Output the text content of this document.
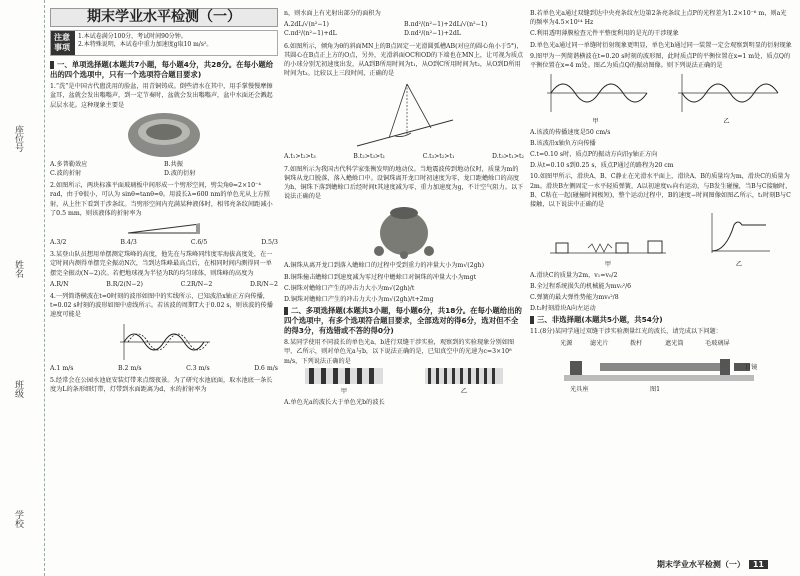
座位号
姓名
班级
学校
期末学业水平检测（一）
注意事项
1.本试卷满分100分，考试时间90分钟。
2.本特殊说明，本试卷中重力加速度g取10 m/s²。
一、单项选择题(本题共7小题，每小题4分，共28分。在每小题给出的四个选项中，只有一个选项符合题目要求)
1.“洗”是中国古代盥洗用的脸盆，用青铜铸成。倒些清水在其中，用手掌慢慢摩擦盆耳，盆就会发出嗡嗡声，到一定节奏时，盆就会发出嗡嗡声，盆中水面还会溅起层层水花。这种现象主要是
A.多普勒效应	B.共振
C.波的折射	D.波的衍射
2.如图所示，两块标准平面玻璃板中间形成一个劈形空间，劈尖角θ=2×10⁻⁴ rad，由于θ很小，可认为 sinθ≈tanθ≈θ。用波长λ=600 nm的单色光从上方照射，从上往下看到干涉条纹。当劈形空间内充满某种液体时，相邻亮条纹间距减小了0.5 mm，则该液体的折射率为
A.3/2	B.4/3	C.6/5	D.5/3
3.某登山队员想用单摆测定珠峰的高度，他先在与珠峰同纬度零海拔高度处，在一定时间内测得单摆完全振动N次，当到达珠峰最高点后，在相同时间内测得同一单摆完全振动(N−2)次。若把地球视为半径为R的均匀球体，则珠峰的高度为
A.R/N	B.R/2(N−2)	C.2R/N−2	D.R/N−2
4.一列简谐横波在t=0时刻的波形如图中的实线所示，已知波沿x轴正方向传播，t=0.02 s时刻的波形如图中虚线所示。若该波的周期T大于0.02 s，则该波的传播速度可能是
A.1 m/s	B.2 m/s	C.3 m/s	D.6 m/s
5.经常会在公园水池底安装灯带来点缀夜景。为了研究水池底面，取水池底一条长度为L的条形细灯带，灯带到水面距离为d，水的折射率为
n，则水面上有光射出部分的面积为
A.2dL/√(n²−1)	B.πd²/(n²−1)+2dL/√(n²−1)
C.πd²/(n²−1)+dL	D.πd²/(n²−1)+2dL
6.如图所示，倾角为θ的斜面MN上的B点固定一光滑圆弧槽AB(对应的圆心角小于5°)，其圆心在B点正上方的O点，另外，光滑斜面OC和OD的下端也在MN上，让可视为质点的小球分别无初速度出发，从A到B所用时间为t₁，从O到C所用时间为t₂，从O到D所用时间为t₃。比较以上三段时间，正确的是
A.t₁>t₂>t₃	B.t₂>t₃>t₁	C.t₃>t₂>t₁	D.t₃>t₁>t₂
7.如图所示为我国古代科学家张衡发明的地动仪。当地震波传到地动仪时，质量为m的铜珠从龙口脱落，落入蟾蜍口中。设铜珠离开龙口时初速度为零，龙口距蟾蜍口的高度为h，铜珠下落到蟾蜍口后经时间t其速度减为零，重力加速度为g，不计空气阻力。以下说法正确的是
A.铜珠从离开龙口到落入蟾蜍口的过程中受到重力的冲量大小为m√(2gh)
B.铜珠撞击蟾蜍口到速度减为零过程中蟾蜍口对铜珠的冲量大小为mgt
C.铜珠对蟾蜍口产生的冲击力大小为m√(2gh)/t
D.铜珠对蟾蜍口产生的冲击力大小为m√(2gh)/t+2mg
二、多项选择题(本题共3小题，每小题6分，共18分。在每小题给出的四个选项中，有多个选项符合题目要求，全部选对的得6分，选对但不全的得3分，有选错或不答的得0分)
8.某同学使用不同波长的单色光a、b进行双缝干涉实验，观察到的实验现象分别如图甲、乙所示，则对单色光a与b，以下说法正确的是，已知真空中的光速为c=3×10⁸ m/s，下列说法正确的是
甲	乙
A.单色光a的波长大于单色光b的波长
B.若单色光a通过双缝到达中央亮条纹左边第2条亮条纹上点P的光程差为1.2×10⁻⁶ m，则a光的频率为4.5×10¹⁴ Hz
C.利用透明薄膜检查元件平整度利用的是光的干涉现象
D.单色光a通过同一单缝时衍射现象更明显，单色光b通过同一装置一定会观察到明显的衍射现象
9.图甲为一列简谐横波在t=0.20 s时刻的波形图，此时质点P的平衡位置在x=1 m处，质点Q的平衡位置在x=4 m处。图乙为质点Q的振动图像。则下列说法正确的是
甲	乙
A.该波的传播速度是50 cm/s
B.该波沿x轴负方向传播
C.t=0.10 s时，质点P的振动方向沿y轴正方向
D.从t=0.10 s到0.25 s，质点P通过的路程为20 cm
10.如图甲所示，滑块A、B、C静止在光滑水平面上，滑块A、B的质量均为m，滑块C的质量为2m。滑块B左侧固定一水平轻质弹簧，A以初速度v₀向右运动，与B发生碰撞，当B与C接触时，B、C粘在一起(碰撞时间极短)，整个运动过程中，B的速度−时间图像如图乙所示，t₁时刻B与C接触，以下说法中正确的是
甲	乙
A.滑块C的质量为2m，v₁=v₀/2
B.全过程系统损失的机械能为mv₀²/6
C.弹簧的最大弹性势能为mv₀²/8
D.t₂时刻滑块A向左运动
三、非选择题(本题共5小题，共54分)
11.(8分)某同学通过双缝干涉实验测量红光的波长，请完成以下问题：
光源	滤光片	拨杆	遮光筒	毛玻璃屏
目镜
光具座	图1
期末学业水平检测（一） 11
